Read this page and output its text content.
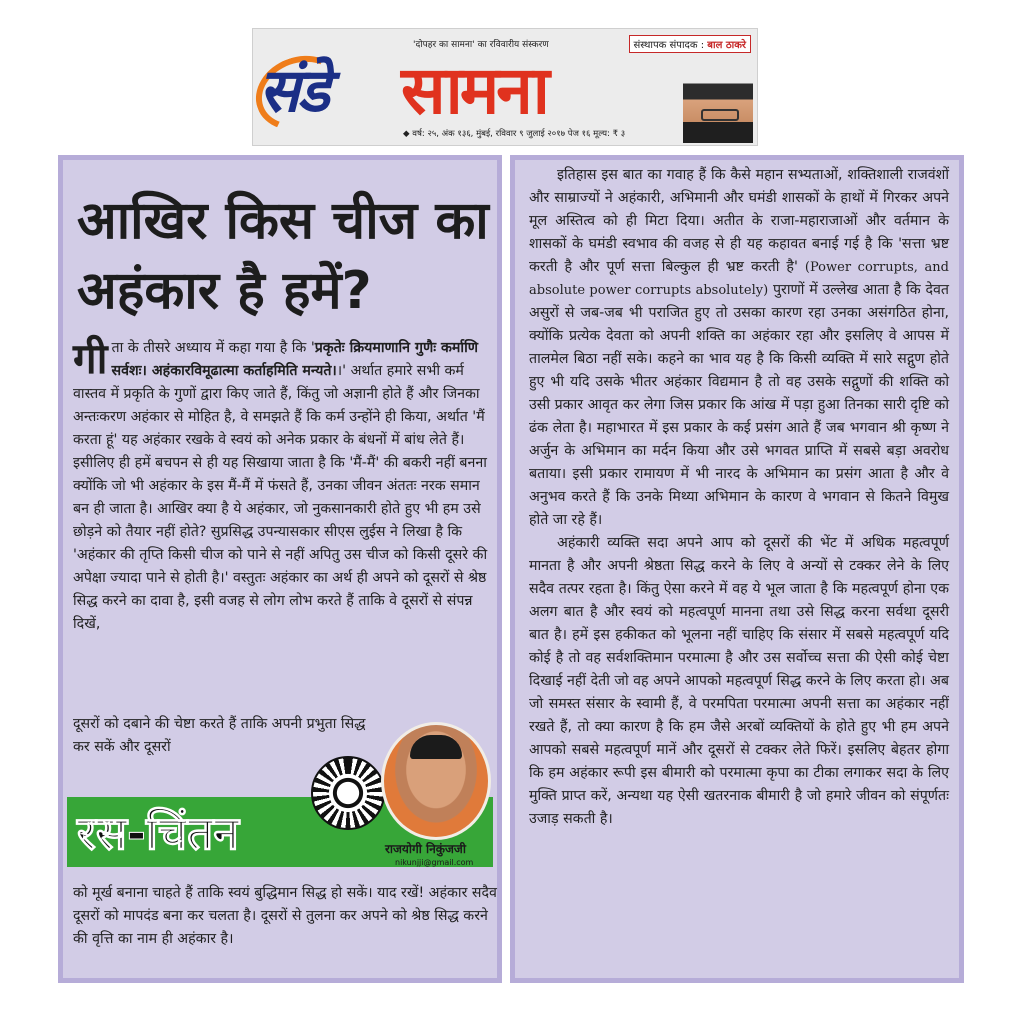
संडे
'दोपहर का सामना' का रविवारीय संस्करण	संस्थापक संपादक : बाल ठाकरे
सामना
◆ वर्ष: २५, अंक १३६, मुंबई, रविवार ९ जुलाई २०१७ पेज १६ मूल्य: ₹ ३
आखिर किस चीज का अहंकार है हमें?
गीता के तीसरे अध्याय में कहा गया है कि 'प्रकृतेः क्रियमाणानि गुणैः कर्माणि सर्वशः। अहंकारविमूढात्मा कर्ताहमिति मन्यते।।' अर्थात हमारे सभी कर्म वास्तव में प्रकृति के गुणों द्वारा किए जाते हैं, किंतु जो अज्ञानी होते हैं और जिनका अन्तःकरण अहंकार से मोहित है, वे समझते हैं कि कर्म उन्होंने ही किया, अर्थात 'मैं करता हूं' यह अहंकार रखके वे स्वयं को अनेक प्रकार के बंधनों में बांध लेते हैं। इसीलिए ही हमें बचपन से ही यह सिखाया जाता है कि 'मैं-मैं' की बकरी नहीं बनना क्योंकि जो भी अहंकार के इस मैं-मैं में फंसते हैं, उनका जीवन अंततः नरक समान बन ही जाता है। आखिर क्या है ये अहंकार, जो नुकसानकारी होते हुए भी हम उसे छोड़ने को तैयार नहीं होते? सुप्रसिद्ध उपन्यासकार सीएस लुईस ने लिखा है कि 'अहंकार की तृप्ति किसी चीज को पाने से नहीं अपितु उस चीज को किसी दूसरे की अपेक्षा ज्यादा पाने से होती है।' वस्तुतः अहंकार का अर्थ ही अपने को दूसरों से श्रेष्ठ सिद्ध करने का दावा है, इसी वजह से लोग लोभ करते हैं ताकि वे दूसरों से संपन्न दिखें,
दूसरों को दबाने की चेष्टा करते हैं ताकि अपनी प्रभुता सिद्ध कर सकें और दूसरों
रस-चिंतन	राजयोगी निकुंजजी
nikunjji@gmail.com
को मूर्ख बनाना चाहते हैं ताकि स्वयं बुद्धिमान सिद्ध हो सकें। याद रखें! अहंकार सदैव दूसरों को मापदंड बना कर चलता है। दूसरों से तुलना कर अपने को श्रेष्ठ सिद्ध करने की वृत्ति का नाम ही अहंकार है।

इतिहास इस बात का गवाह हैं कि कैसे महान सभ्यताओं, शक्तिशाली राजवंशों और साम्राज्यों ने अहंकारी, अभिमानी और घमंडी शासकों के हाथों में गिरकर अपने मूल अस्तित्व को ही मिटा दिया। अतीत के राजा-महाराजाओं और वर्तमान के शासकों के घमंडी स्वभाव की वजह से ही यह कहावत बनाई गई है कि 'सत्ता भ्रष्ट करती है और पूर्ण सत्ता बिल्कुल ही भ्रष्ट करती है' (Power corrupts, and absolute power corrupts absolutely) पुराणों में उल्लेख आता है कि देवत असुरों से जब-जब भी पराजित हुए तो उसका कारण रहा उनका असंगठित होना, क्योंकि प्रत्येक देवता को अपनी शक्ति का अहंकार रहा और इसलिए वे आपस में तालमेल बिठा नहीं सके। कहने का भाव यह है कि किसी व्यक्ति में सारे सद्गुण होते हुए भी यदि उसके भीतर अहंकार विद्यमान है तो वह उसके सद्गुणों की शक्ति को उसी प्रकार आवृत कर लेगा जिस प्रकार कि आंख में पड़ा हुआ तिनका सारी दृष्टि को ढंक लेता है। महाभारत में इस प्रकार के कई प्रसंग आते हैं जब भगवान श्री कृष्ण ने अर्जुन के अभिमान का मर्दन किया और उसे भगवत प्राप्ति में सबसे बड़ा अवरोध बताया। इसी प्रकार रामायण में भी नारद के अभिमान का प्रसंग आता है और वे अनुभव करते हैं कि उनके मिथ्या अभिमान के कारण वे भगवान से कितने विमुख होते जा रहे हैं।

अहंकारी व्यक्ति सदा अपने आप को दूसरों की भेंट में अधिक महत्वपूर्ण मानता है और अपनी श्रेष्ठता सिद्ध करने के लिए वे अन्यों से टक्कर लेने के लिए सदैव तत्पर रहता है। किंतु ऐसा करने में वह ये भूल जाता है कि महत्वपूर्ण होना एक अलग बात है और स्वयं को महत्वपूर्ण मानना तथा उसे सिद्ध करना सर्वथा दूसरी बात है। हमें इस हकीकत को भूलना नहीं चाहिए कि संसार में सबसे महत्वपूर्ण यदि कोई है तो वह सर्वशक्तिमान परमात्मा है और उस सर्वोच्च सत्ता की ऐसी कोई चेष्टा दिखाई नहीं देती जो वह अपने आपको महत्वपूर्ण सिद्ध करने के लिए करता हो। अब जो समस्त संसार के स्वामी हैं, वे परमपिता परमात्मा अपनी सत्ता का अहंकार नहीं रखते हैं, तो क्या कारण है कि हम जैसे अरबों व्यक्तियों के होते हुए भी हम अपने आपको सबसे महत्वपूर्ण मानें और दूसरों से टक्कर लेते फिरें। इसलिए बेहतर होगा कि हम अहंकार रूपी इस बीमारी को परमात्मा कृपा का टीका लगाकर सदा के लिए मुक्ति प्राप्त करें, अन्यथा यह ऐसी खतरनाक बीमारी है जो हमारे जीवन को संपूर्णतः उजाड़ सकती है।
